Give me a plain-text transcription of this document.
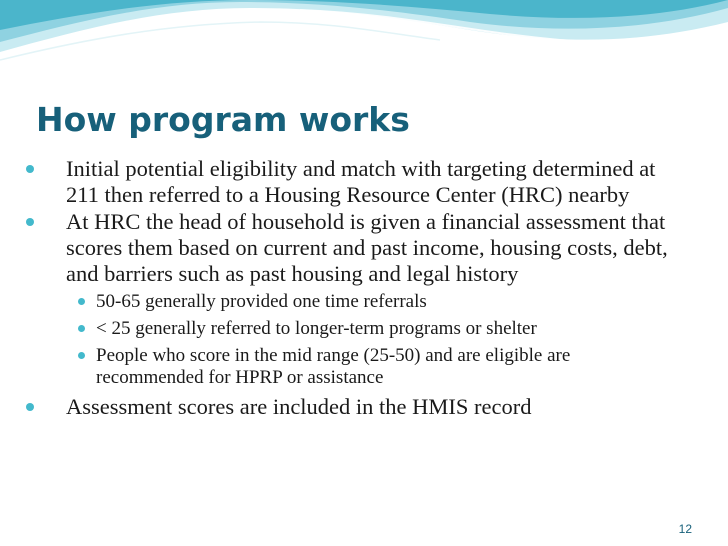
How program works
Initial potential eligibility and match with targeting determined at 211 then referred to a Housing Resource Center (HRC) nearby
At HRC the head of household is given a financial assessment that scores them based on current and past income, housing costs, debt, and barriers such as past housing and legal history
50-65 generally provided one time referrals
< 25 generally referred to longer-term programs or shelter
People who score in the mid range (25-50) and are eligible are recommended for HPRP or assistance
Assessment scores are included in the HMIS record
12
